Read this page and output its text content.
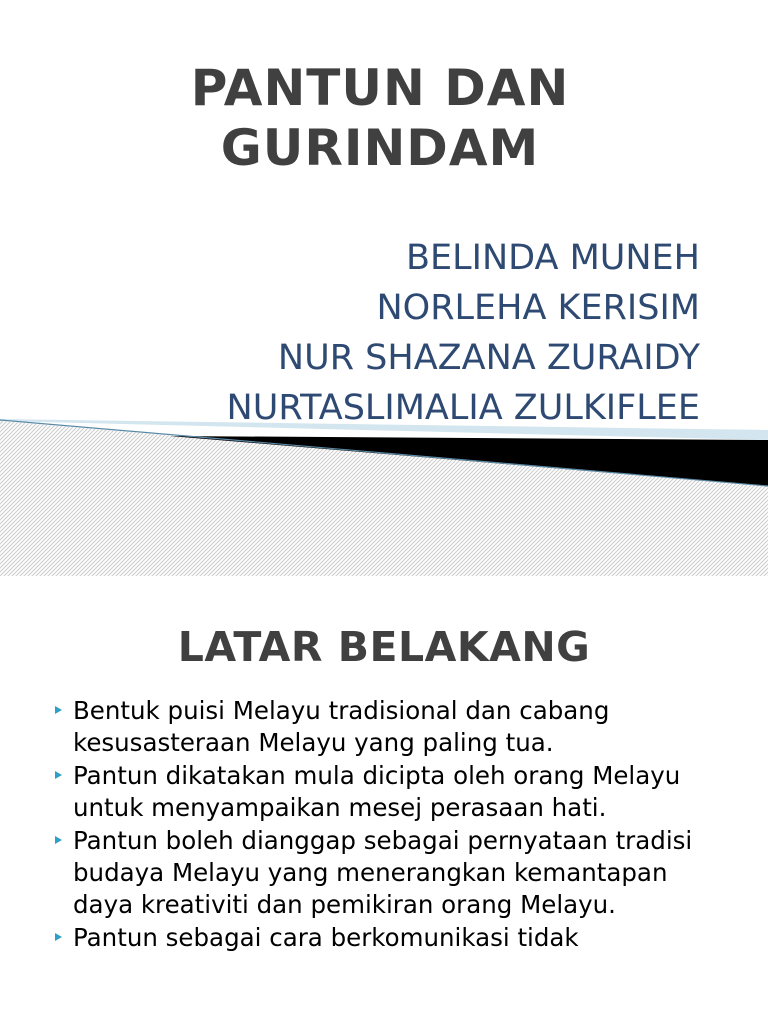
PANTUN DAN
GURINDAM
BELINDA MUNEH
NORLEHA KERISIM
NUR SHAZANA ZURAIDY
NURTASLIMALIA ZULKIFLEE
LATAR BELAKANG
Bentuk puisi Melayu tradisional dan cabang kesusasteraan Melayu yang paling tua.
Pantun dikatakan mula dicipta oleh orang Melayu untuk menyampaikan mesej perasaan hati.
Pantun boleh dianggap sebagai pernyataan tradisi budaya Melayu yang menerangkan kemantapan daya kreativiti dan pemikiran orang Melayu.
Pantun sebagai cara berkomunikasi tidak
